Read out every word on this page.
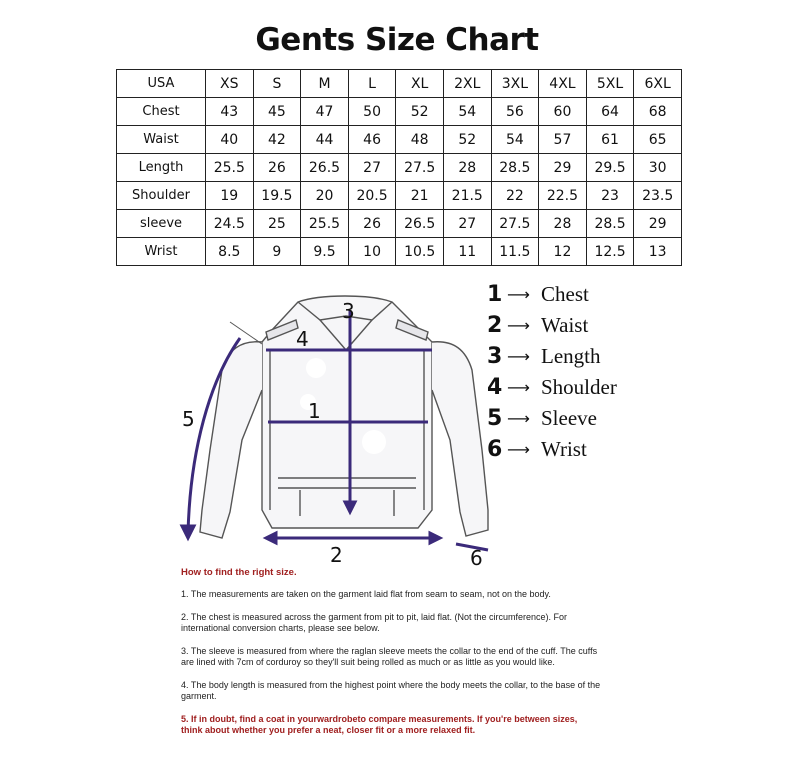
Gents Size Chart
USA	XS	S	M	L	XL	2XL	3XL	4XL	5XL	6XL
Chest	43	45	47	50	52	54	56	60	64	68
Waist	40	42	44	46	48	52	54	57	61	65
Length	25.5	26	26.5	27	27.5	28	28.5	29	29.5	30
Shoulder	19	19.5	20	20.5	21	21.5	22	22.5	23	23.5
sleeve	24.5	25	25.5	26	26.5	27	27.5	28	28.5	29
Wrist	8.5	9	9.5	10	10.5	11	11.5	12	12.5	13
4
1
3
2
5
6
1 ⟶ Chest
2 ⟶ Waist
3 ⟶ Length
4 ⟶ Shoulder
5 ⟶ Sleeve
6 ⟶ Wrist
How to find the right size.

1. The measurements are taken on the garment laid flat from seam to seam, not on the body.

2. The chest is measured across the garment from pit to pit, laid flat. (Not the circumference). For international conversion charts, please see below.

3. The sleeve is measured from where the raglan sleeve meets the collar to the end of the cuff. The cuffs are lined with 7cm of corduroy so they'll suit being rolled as much or as little as you would like.

4. The body length is measured from the highest point where the body meets the collar, to the base of the garment.

5. If in doubt, find a coat in yourwardrobeto compare measurements. If you're between sizes, think about whether you prefer a neat, closer fit or a more relaxed fit.
